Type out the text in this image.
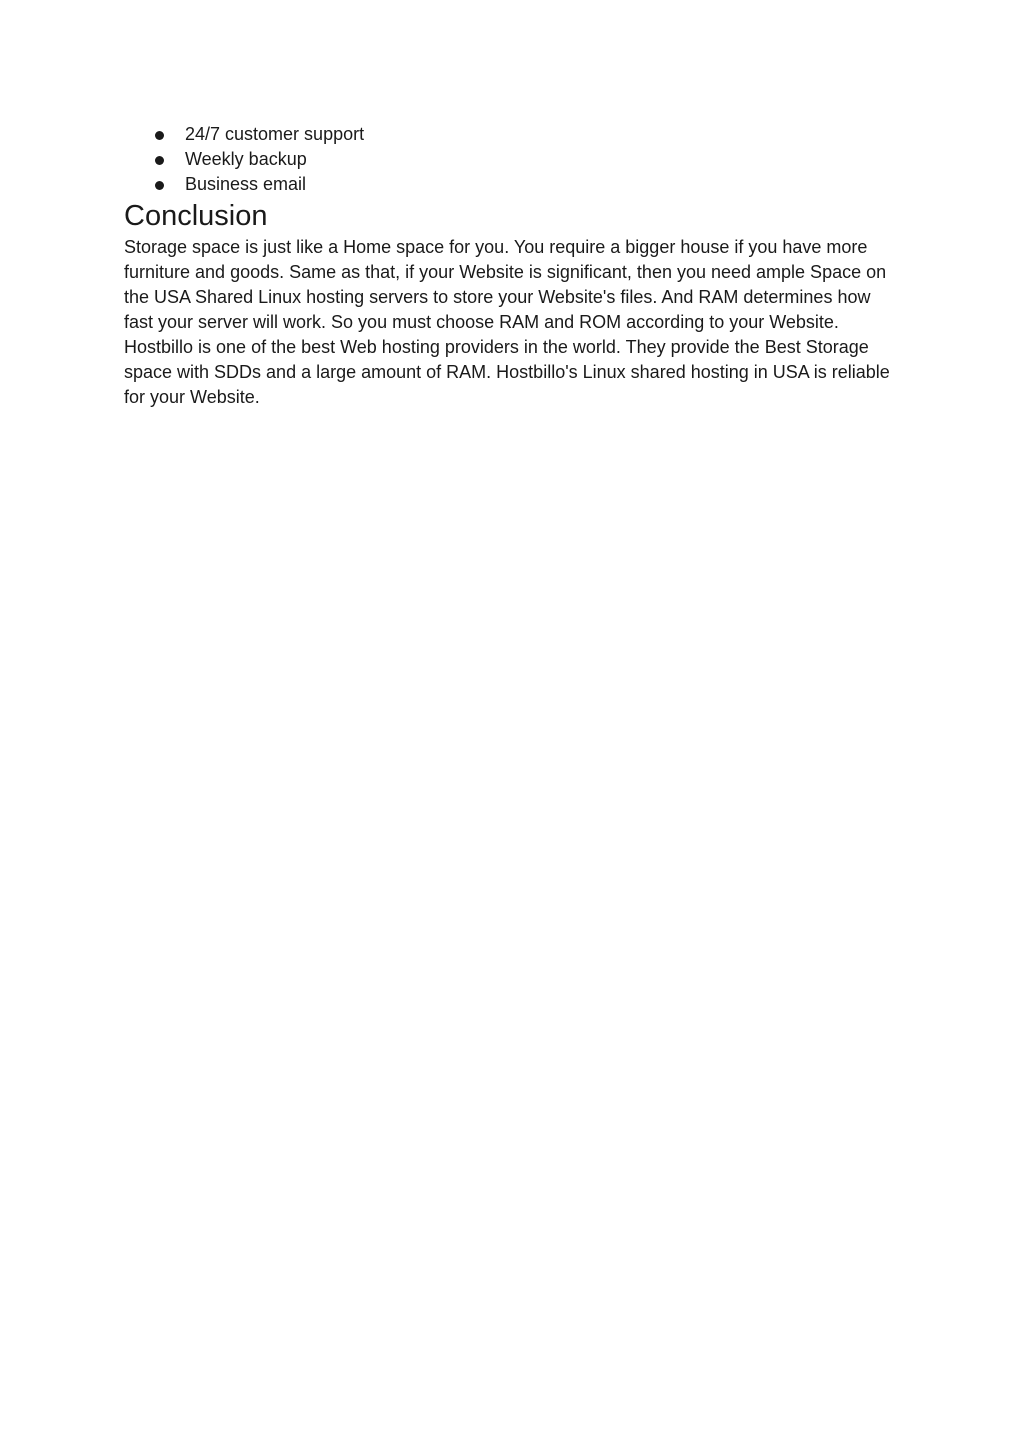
24/7 customer support
Weekly backup
Business email
Conclusion

Storage space is just like a Home space for you. You require a bigger house if you have more furniture and goods. Same as that, if your Website is significant, then you need ample Space on the USA Shared Linux hosting servers to store your Website's files. And RAM determines how fast your server will work. So you must choose RAM and ROM according to your Website.

Hostbillo is one of the best Web hosting providers in the world. They provide the Best Storage space with SDDs and a large amount of RAM. Hostbillo's Linux shared hosting in USA is reliable for your Website.
